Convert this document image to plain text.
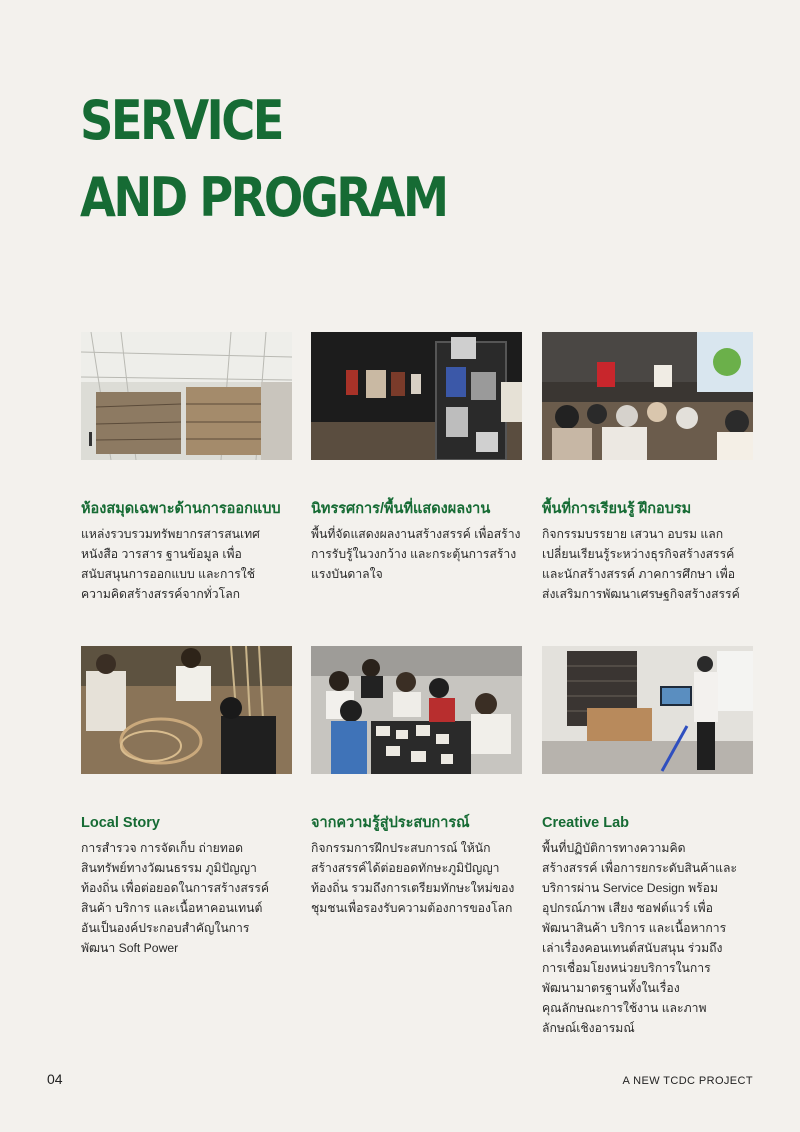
SERVICE
AND PROGRAM
ห้องสมุดเฉพาะด้านการออกแบบ
แหล่งรวบรวมทรัพยากรสารสนเทศ
หนังสือ วารสาร ฐานข้อมูล เพื่อ
สนับสนุนการออกแบบ และการใช้
ความคิดสร้างสรรค์จากทั่วโลก
นิทรรศการ/พื้นที่แสดงผลงาน
พื้นที่จัดแสดงผลงานสร้างสรรค์ เพื่อสร้าง
การรับรู้ในวงกว้าง และกระตุ้นการสร้าง
แรงบันดาลใจ
พื้นที่การเรียนรู้ ฝึกอบรม
กิจกรรมบรรยาย เสวนา อบรม แลก
เปลี่ยนเรียนรู้ระหว่างธุรกิจสร้างสรรค์
และนักสร้างสรรค์ ภาคการศึกษา เพื่อ
ส่งเสริมการพัฒนาเศรษฐกิจสร้างสรรค์
Local Story
การสำรวจ การจัดเก็บ ถ่ายทอด
สินทรัพย์ทางวัฒนธรรม ภูมิปัญญา
ท้องถิ่น เพื่อต่อยอดในการสร้างสรรค์
สินค้า บริการ และเนื้อหาคอนเทนต์
อันเป็นองค์ประกอบสำคัญในการ
พัฒนา Soft Power
จากความรู้สู่ประสบการณ์
กิจกรรมการฝึกประสบการณ์ ให้นัก
สร้างสรรค์ได้ต่อยอดทักษะภูมิปัญญา
ท้องถิ่น รวมถึงการเตรียมทักษะใหม่ของ
ชุมชนเพื่อรองรับความต้องการของโลก
Creative Lab
พื้นที่ปฏิบัติการทางความคิด
สร้างสรรค์ เพื่อการยกระดับสินค้าและ
บริการผ่าน Service Design พร้อม
อุปกรณ์ภาพ เสียง ซอฟต์แวร์ เพื่อ
พัฒนาสินค้า บริการ และเนื้อหาการ
เล่าเรื่องคอนเทนต์สนับสนุน ร่วมถึง
การเชื่อมโยงหน่วยบริการในการ
พัฒนามาตรฐานทั้งในเรื่อง
คุณลักษณะการใช้งาน และภาพ
ลักษณ์เชิงอารมณ์
04	A NEW TCDC PROJECT
